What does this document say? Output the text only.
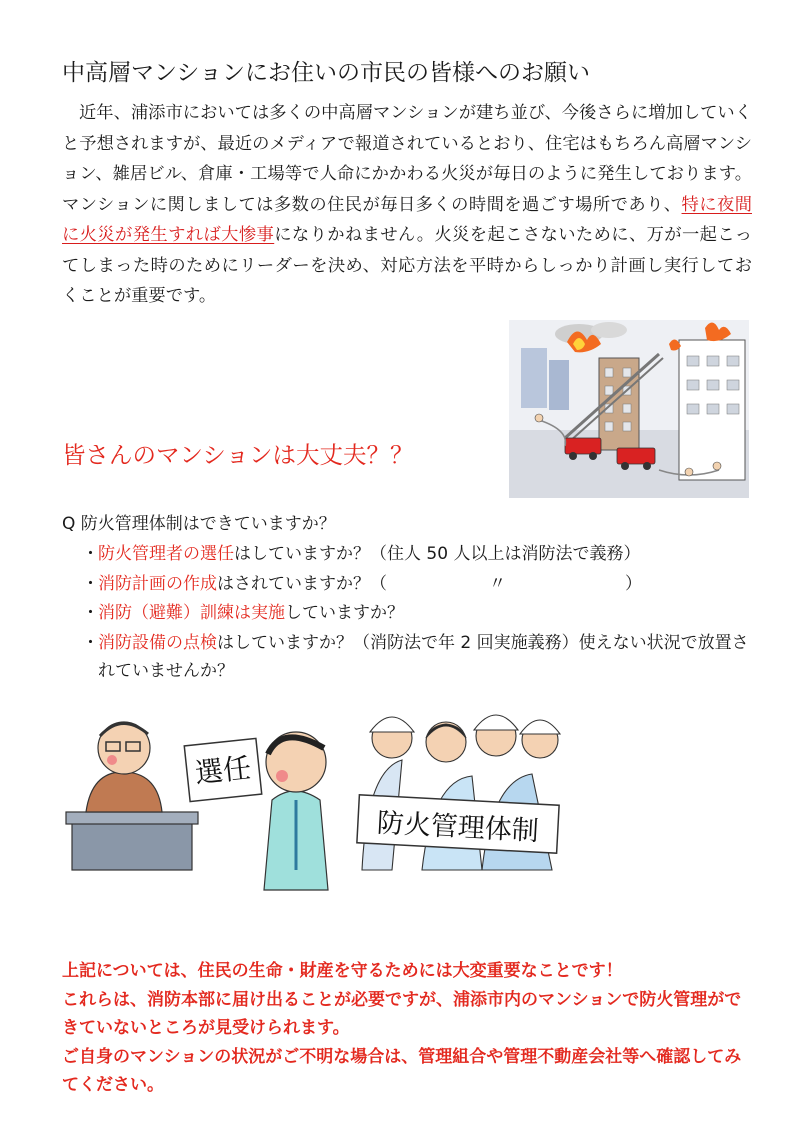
中高層マンションにお住いの市民の皆様へのお願い

近年、浦添市においては多くの中高層マンションが建ち並び、今後さらに増加していくと予想されますが、最近のメディアで報道されているとおり、住宅はもちろん高層マンション、雑居ビル、倉庫・工場等で人命にかかわる火災が毎日のように発生しております。マンションに関しましては多数の住民が毎日多くの時間を過ごす場所であり、特に夜間に火災が発生すれば大惨事になりかねません。火災を起こさないために、万が一起こってしまった時のためにリーダーを決め、対応方法を平時からしっかり計画し実行しておくことが重要です。

皆さんのマンションは大丈夫？？
Q 防火管理体制はできていますか？
・ 防火管理者の選任はしていますか？（住人 50 人以上は消防法で義務）
・ 消防計画の作成はされていますか？（　　　　　　〃　　　　　　　）
・ 消防（避難）訓練は実施していますか？
・ 消防設備の点検はしていますか？（消防法で年 2 回実施義務）使えない状況で放置されていませんか？
選任
防火管理体制
上記については、住民の生命・財産を守るためには大変重要なことです！
これらは、消防本部に届け出ることが必要ですが、浦添市内のマンションで防火管理ができていないところが見受けられます。
ご自身のマンションの状況がご不明な場合は、管理組合や管理不動産会社等へ確認してみてください。
